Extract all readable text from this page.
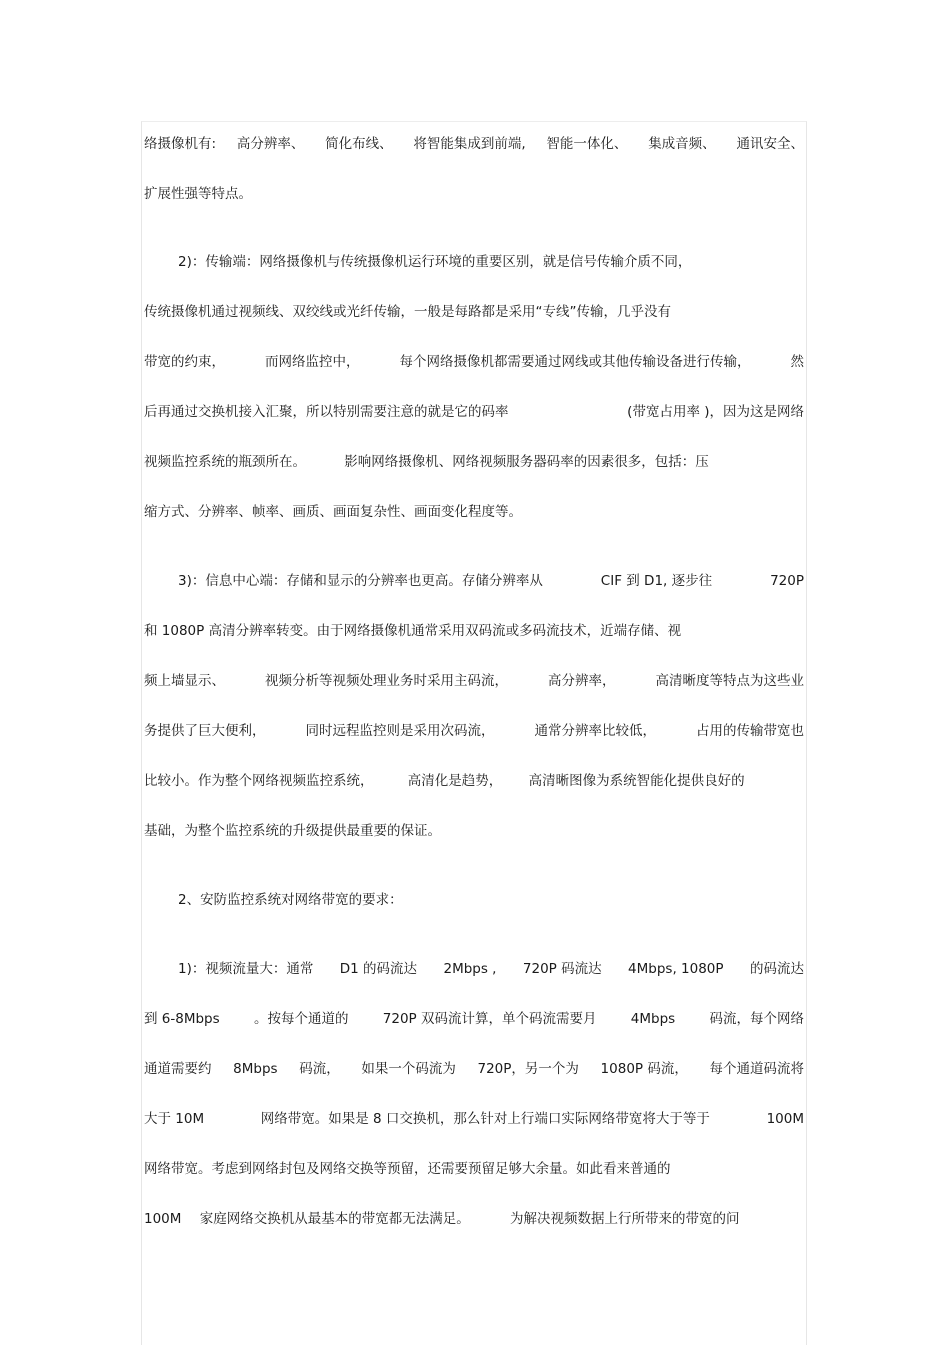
络摄像机有: 高分辨率、 简化布线、 将智能集成到前端, 智能一体化、 集成音频、 通讯安全、
扩展性强等特点。
2)：传输端：网络摄像机与传统摄像机运行环境的重要区别，就是信号传输介质不同，
传统摄像机通过视频线、双绞线或光纤传输，一般是每路都是采用“专线”传输，几乎没有
带宽的约束，	而网络监控中，	每个网络摄像机都需要通过网线或其他传输设备进行传输，	然
后再通过交换机接入汇聚，所以特别需要注意的就是它的码率	(带宽占用率 )，因为这是网络
视频监控系统的瓶颈所在。	影响网络摄像机、网络视频服务器码率的因素很多，包括：压
缩方式、分辨率、帧率、画质、画面复杂性、画面变化程度等。
3)：信息中心端：存储和显示的分辨率也更高。存储分辨率从	CIF 到 D1, 逐步往	720P
和 1080P 高清分辨率转变。由于网络摄像机通常采用双码流或多码流技术，近端存储、视
频上墙显示、	视频分析等视频处理业务时采用主码流，	高分辨率，	高清晰度等特点为这些业
务提供了巨大便利，	同时远程监控则是采用次码流，	通常分辨率比较低，	占用的传输带宽也
比较小。作为整个网络视频监控系统，	高清化是趋势， 高清晰图像为系统智能化提供良好的
基础，为整个监控系统的升级提供最重要的保证。
2、安防监控系统对网络带宽的要求：
1)：视频流量大：通常 D1 的码流达 2Mbps , 720P 码流达 4Mbps, 1080P 的码流达
到 6-8Mbps	。按每个通道的	720P 双码流计算，单个码流需要月	4Mbps	码流，每个网络
通道需要约 8Mbps 码流， 如果一个码流为 720P，另一个为 1080P 码流， 每个通道码流将
大于 10M	网络带宽。如果是 8 口交换机，那么针对上行端口实际网络带宽将大于等于	100M
网络带宽。考虑到网络封包及网络交换等预留，还需要预留足够大余量。如此看来普通的
100M 家庭网络交换机从最基本的带宽都无法满足。	为解决视频数据上行所带来的带宽的问
